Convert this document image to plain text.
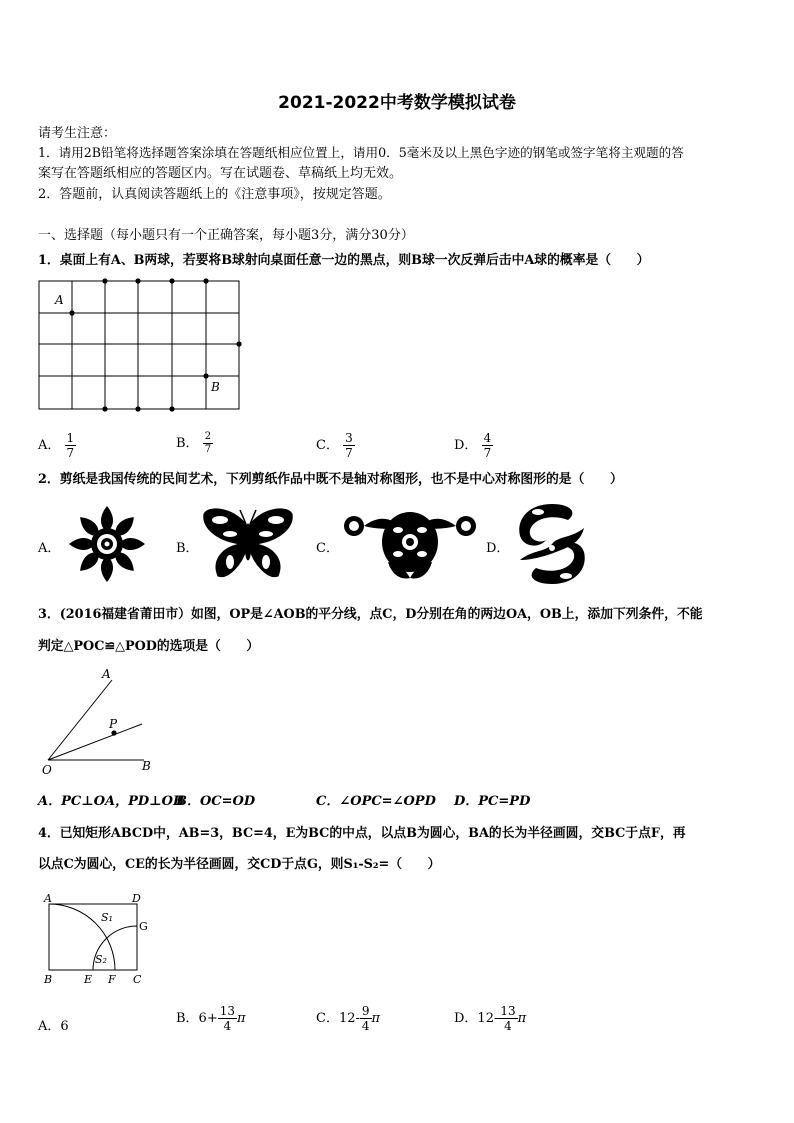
2021-2022中考数学模拟试卷
请考生注意：
1．请用2B铅笔将选择题答案涂填在答题纸相应位置上，请用0．5毫米及以上黑色字迹的钢笔或签字笔将主观题的答
案写在答题纸相应的答题区内。写在试题卷、草稿纸上均无效。
2．答题前，认真阅读答题纸上的《注意事项》，按规定答题。
一、选择题（每小题只有一个正确答案，每小题3分，满分30分）
1．桌面上有A、B两球，若要将B球射向桌面任意一边的黑点，则B球一次反弹后击中A球的概率是（　　）
A
B
A． $\frac{1}{7}$	B． $\frac{2}{7}$	C． $\frac{3}{7}$	D． $\frac{4}{7}$
2．剪纸是我国传统的民间艺术，下列剪纸作品中既不是轴对称图形，也不是中心对称图形的是（　　）
A．	B．	C．	D．
3．(2016福建省莆田市）如图，OP是∠AOB的平分线，点C，D分别在角的两边OA，OB上，添加下列条件，不能
判定△POC≌△POD的选项是（　　）
A
P
O	B
A．PC⊥OA，PD⊥OB
B．OC=OD	C．∠OPC=∠OPD D．PC=PD
4．已知矩形ABCD中，AB=3，BC=4，E为BC的中点，以点B为圆心，BA的长为半径画圆，交BC于点F，再
以点C为圆心，CE的长为半径画圆，交CD于点G，则S₁-S₂=（　　）
A	D
G
B	E F C
S₁
S₂
A．6
B．$6+ \frac{13}{4}$ π	C．$12- \frac{9}{4}$ π	D．$12- \frac{13}{4}$ π
